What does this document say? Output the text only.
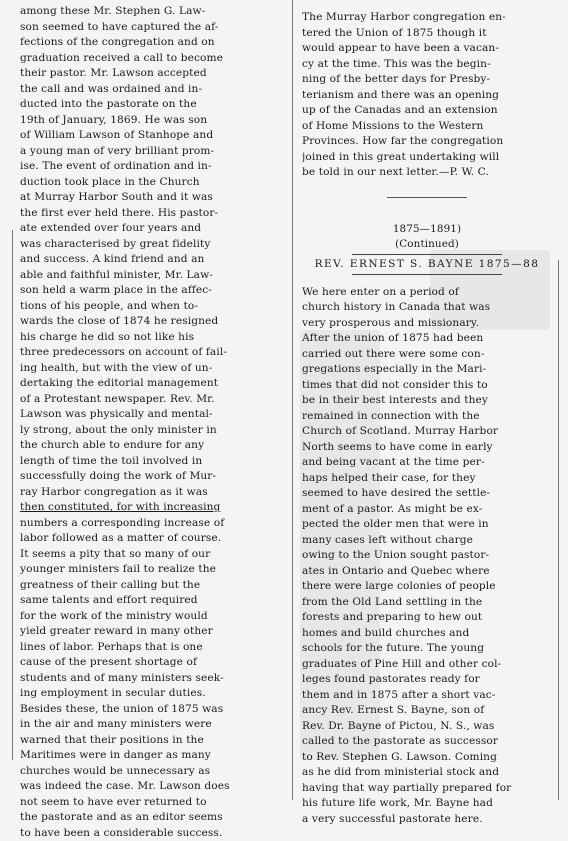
among these Mr. Stephen G. Law-
son seemed to have captured the af-
fections of the congregation and on
graduation received a call to become
their pastor. Mr. Lawson accepted
the call and was ordained and in-
ducted into the pastorate on the
19th of January, 1869. He was son
of William Lawson of Stanhope and
a young man of very brilliant prom-
ise. The event of ordination and in-
duction took place in the Church
at Murray Harbor South and it was
the first ever held there. His pastor-
ate extended over four years and
was characterised by great fidelity
and success. A kind friend and an
able and faithful minister, Mr. Law-
son held a warm place in the affec-
tions of his people, and when to-
wards the close of 1874 he resigned
his charge he did so not like his
three predecessors on account of fail-
ing health, but with the view of un-
dertaking the editorial management
of a Protestant newspaper. Rev. Mr.
Lawson was physically and mental-
ly strong, about the only minister in
the church able to endure for any
length of time the toil involved in
successfully doing the work of Mur-
ray Harbor congregation as it was
then constituted, for with increasing
numbers a corresponding increase of
labor followed as a matter of course.
It seems a pity that so many of our
younger ministers fail to realize the
greatness of their calling but the
same talents and effort required
for the work of the ministry would
yield greater reward in many other
lines of labor. Perhaps that is one
cause of the present shortage of
students and of many ministers seek-
ing employment in secular duties.
Besides these, the union of 1875 was
in the air and many ministers were
warned that their positions in the
Maritimes were in danger as many
churches would be unnecessary as
was indeed the case. Mr. Lawson does
not seem to have ever returned to
the pastorate and as an editor seems
to have been a considerable success.
The Murray Harbor congregation en-
tered the Union of 1875 though it
would appear to have been a vacan-
cy at the time. This was the begin-
ning of the better days for Presby-
terianism and there was an opening
up of the Canadas and an extension
of Home Missions to the Western
Provinces. How far the congregation
joined in this great undertaking will
be told in our next letter.—P. W. C.
1875—1891)
(Continued)
REV. ERNEST S. BAYNE 1875—88
We here enter on a period of
church history in Canada that was
very prosperous and missionary.
After the union of 1875 had been
carried out there were some con-
gregations especially in the Mari-
times that did not consider this to
be in their best interests and they
remained in connection with the
Church of Scotland. Murray Harbor
North seems to have come in early
and being vacant at the time per-
haps helped their case, for they
seemed to have desired the settle-
ment of a pastor. As might be ex-
pected the older men that were in
many cases left without charge
owing to the Union sought pastor-
ates in Ontario and Quebec where
there were large colonies of people
from the Old Land settling in the
forests and preparing to hew out
homes and build churches and
schools for the future. The young
graduates of Pine Hill and other col-
leges found pastorates ready for
them and in 1875 after a short vac-
ancy Rev. Ernest S. Bayne, son of
Rev. Dr. Bayne of Pictou, N. S., was
called to the pastorate as successor
to Rev. Stephen G. Lawson. Coming
as he did from ministerial stock and
having that way partially prepared for
his future life work, Mr. Bayne had
a very successful pastorate here.
